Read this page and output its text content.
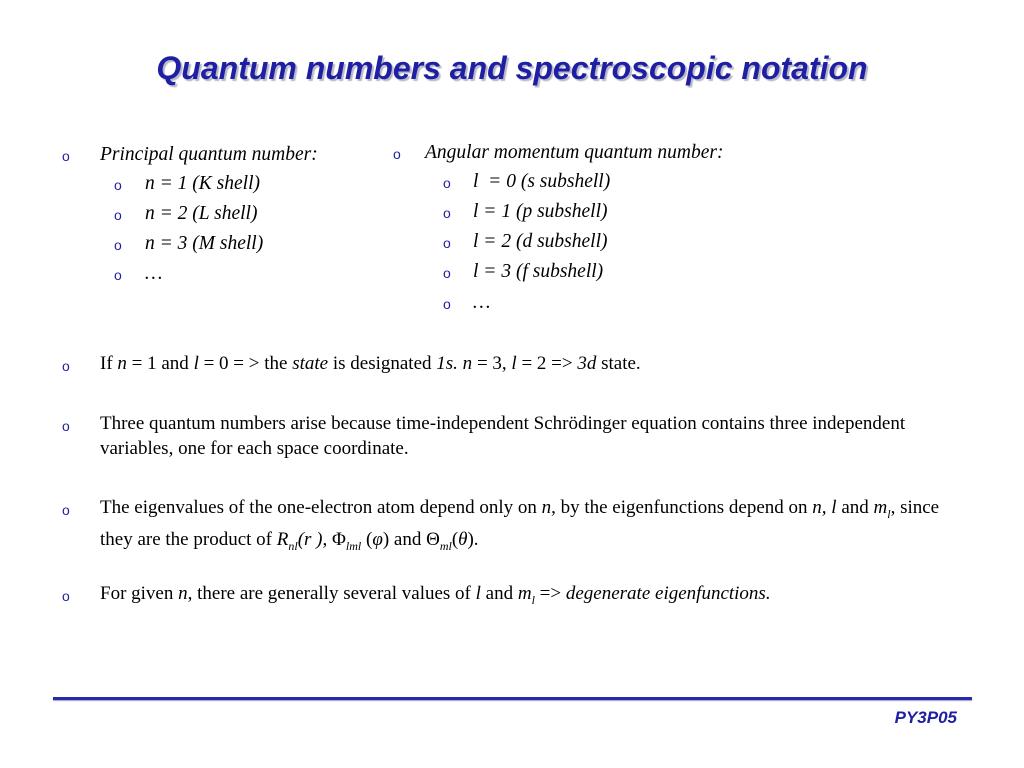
Quantum numbers and spectroscopic notation
o Principal quantum number:
o n = 1 (K shell)
o n = 2 (L shell)
o n = 3 (M shell)
o …
o Angular momentum quantum number:
o l  = 0 (s subshell)
o l = 1 (p subshell)
o l = 2 (d subshell)
o l = 3 (f subshell)
o …
o If n = 1 and l = 0 = > the state is designated 1s. n = 3, l = 2 => 3d state.
o Three quantum numbers arise because time-independent Schrödinger equation contains three independent variables, one for each space coordinate.
o The eigenvalues of the one-electron atom depend only on n, by the eigenfunctions depend on n, l and $m_l$, since they are the product of $R_{nl}(r$ ), $\Phi_{lml}$ (φ) and $\Theta_{ml}(\theta)$.
o For given n, there are generally several values of l and $m_l$ => degenerate eigenfunctions.
PY3P05
